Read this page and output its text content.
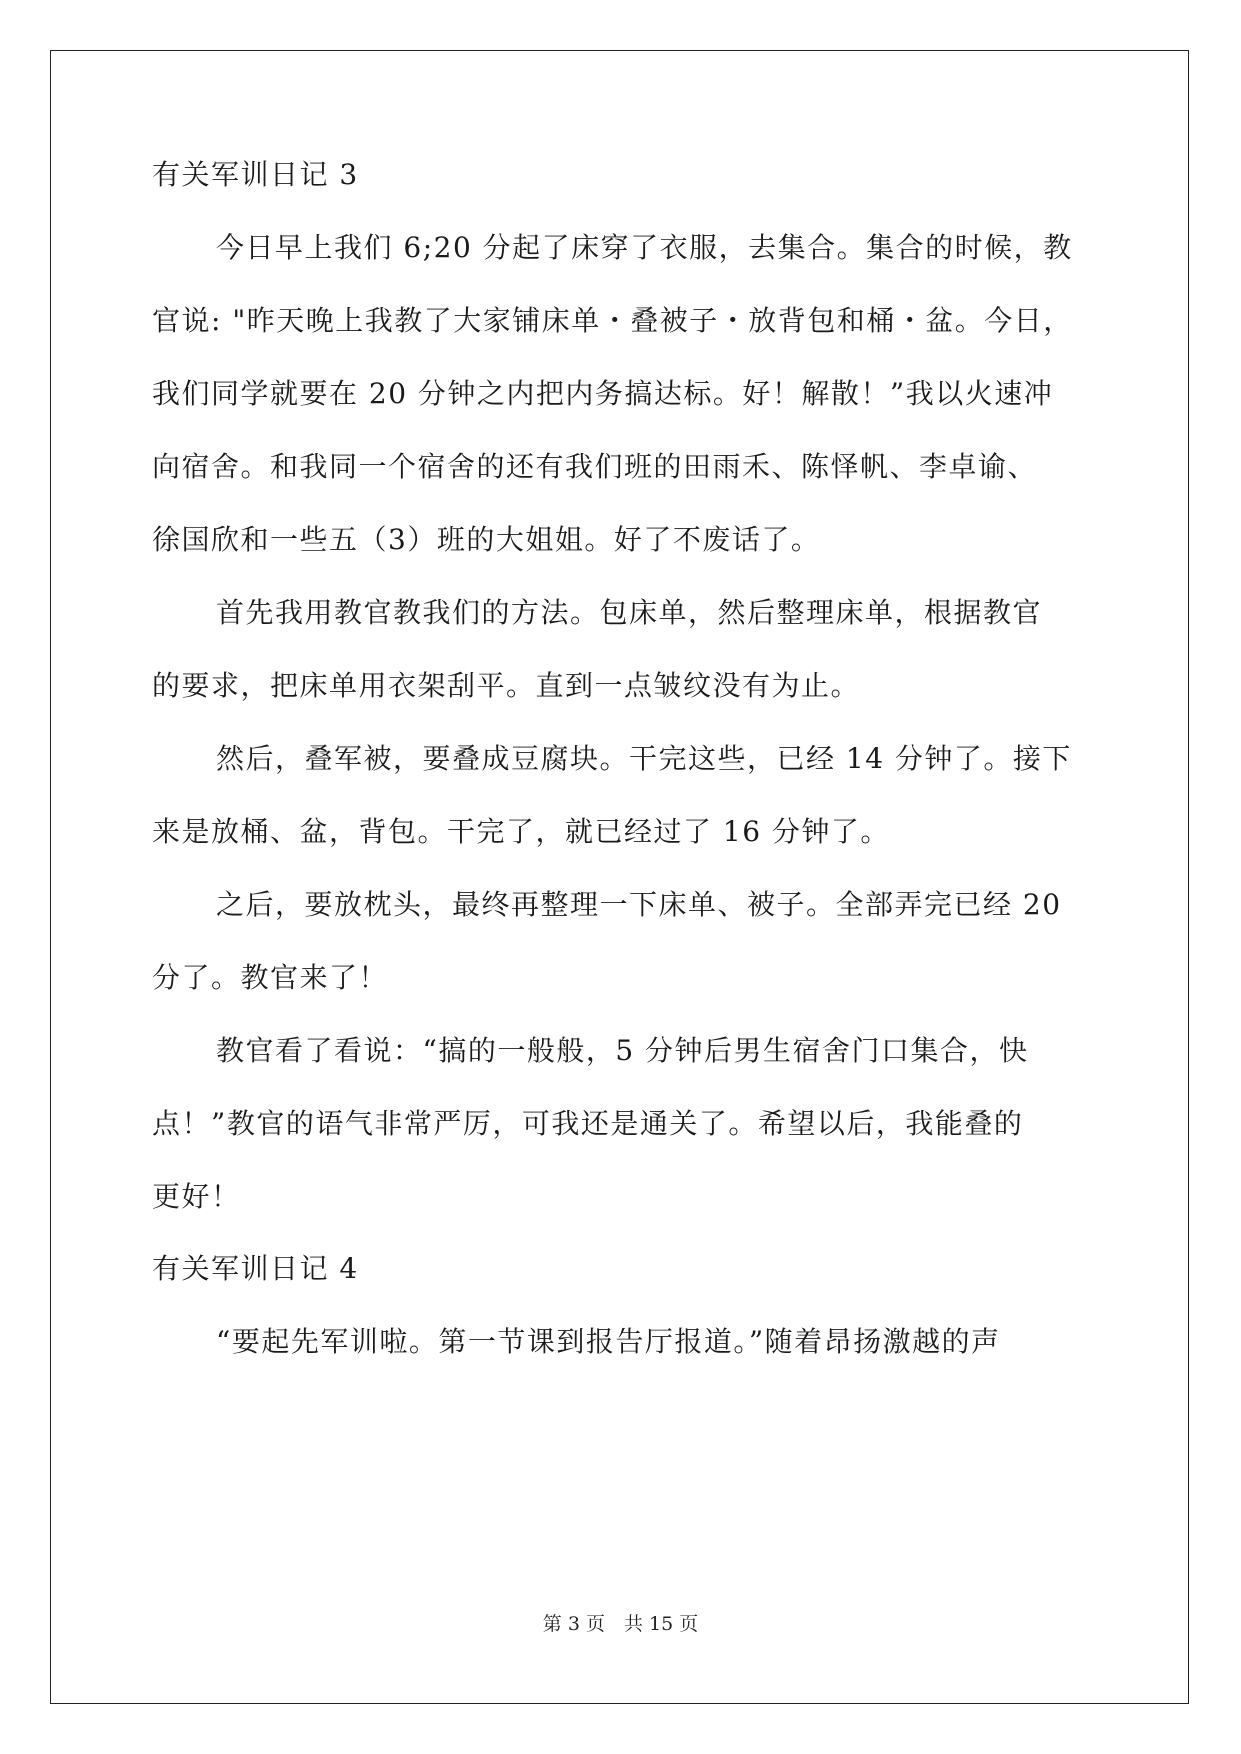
有关军训日记 3
今日早上我们 6;20 分起了床穿了衣服，去集合。集合的时候，教
官说: "昨天晚上我教了大家铺床单・叠被子・放背包和桶・盆。今日，
我们同学就要在 20 分钟之内把内务搞达标。好！解散！”我以火速冲
向宿舍。和我同一个宿舍的还有我们班的田雨禾、陈怿帆、李卓谕、
徐国欣和一些五（3）班的大姐姐。好了不废话了。
首先我用教官教我们的方法。包床单，然后整理床单，根据教官
的要求，把床单用衣架刮平。直到一点皱纹没有为止。
然后，叠军被，要叠成豆腐块。干完这些，已经 14 分钟了。接下
来是放桶、盆，背包。干完了，就已经过了 16 分钟了。
之后，要放枕头，最终再整理一下床单、被子。全部弄完已经 20
分了。教官来了！
教官看了看说：“搞的一般般，5 分钟后男生宿舍门口集合，快
点！”教官的语气非常严厉，可我还是通关了。希望以后，我能叠的
更好！
有关军训日记 4
“要起先军训啦。第一节课到报告厅报道。”随着昂扬激越的声
第 3 页　共 15 页
